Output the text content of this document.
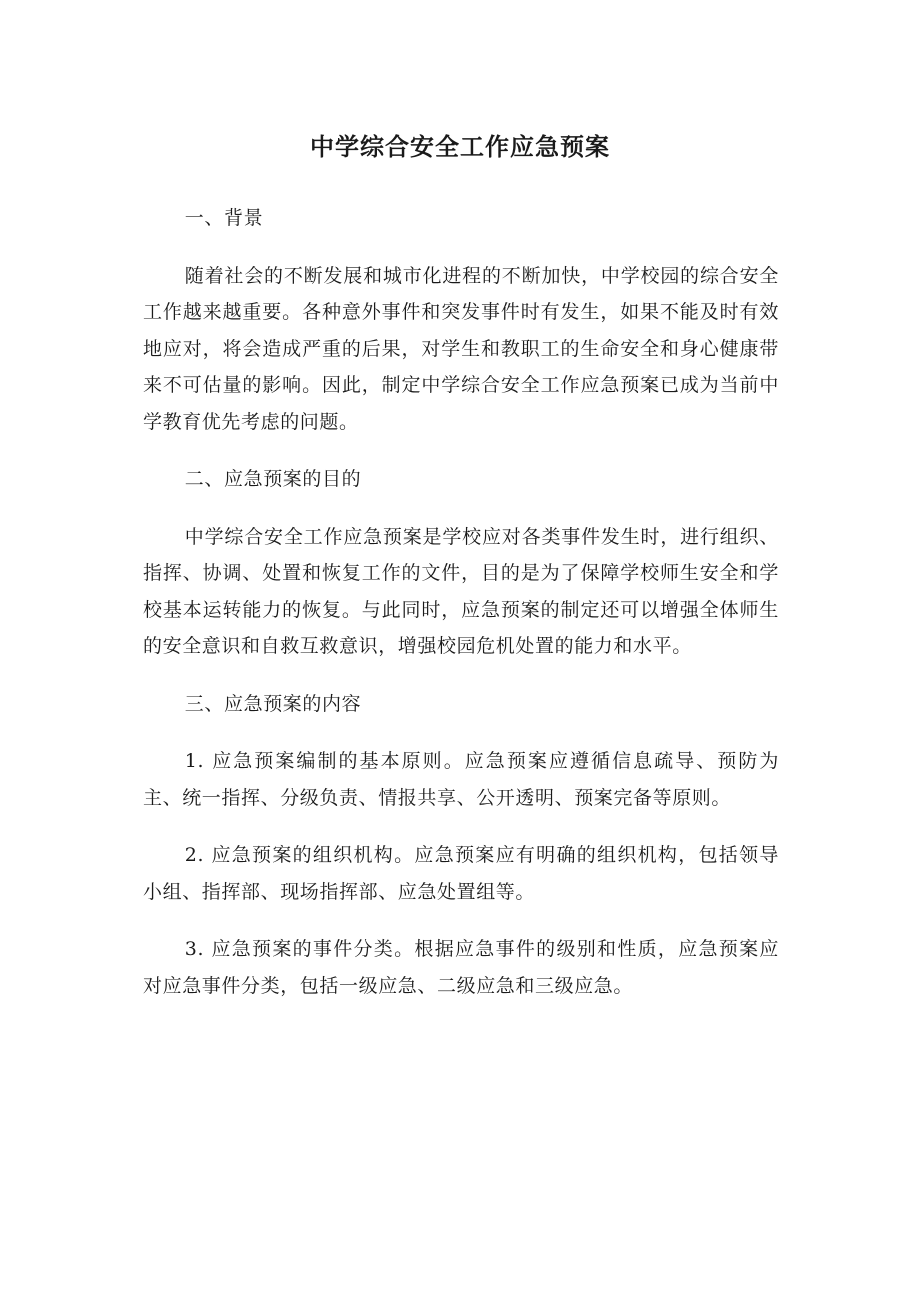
中学综合安全工作应急预案

一、背景

随着社会的不断发展和城市化进程的不断加快，中学校园的综合安全工作越来越重要。各种意外事件和突发事件时有发生，如果不能及时有效地应对，将会造成严重的后果，对学生和教职工的生命安全和身心健康带来不可估量的影响。因此，制定中学综合安全工作应急预案已成为当前中学教育优先考虑的问题。

二、应急预案的目的

中学综合安全工作应急预案是学校应对各类事件发生时，进行组织、指挥、协调、处置和恢复工作的文件，目的是为了保障学校师生安全和学校基本运转能力的恢复。与此同时，应急预案的制定还可以增强全体师生的安全意识和自救互救意识，增强校园危机处置的能力和水平。

三、应急预案的内容

1. 应急预案编制的基本原则。应急预案应遵循信息疏导、预防为主、统一指挥、分级负责、情报共享、公开透明、预案完备等原则。

2. 应急预案的组织机构。应急预案应有明确的组织机构，包括领导小组、指挥部、现场指挥部、应急处置组等。

3. 应急预案的事件分类。根据应急事件的级别和性质，应急预案应对应急事件分类，包括一级应急、二级应急和三级应急。
